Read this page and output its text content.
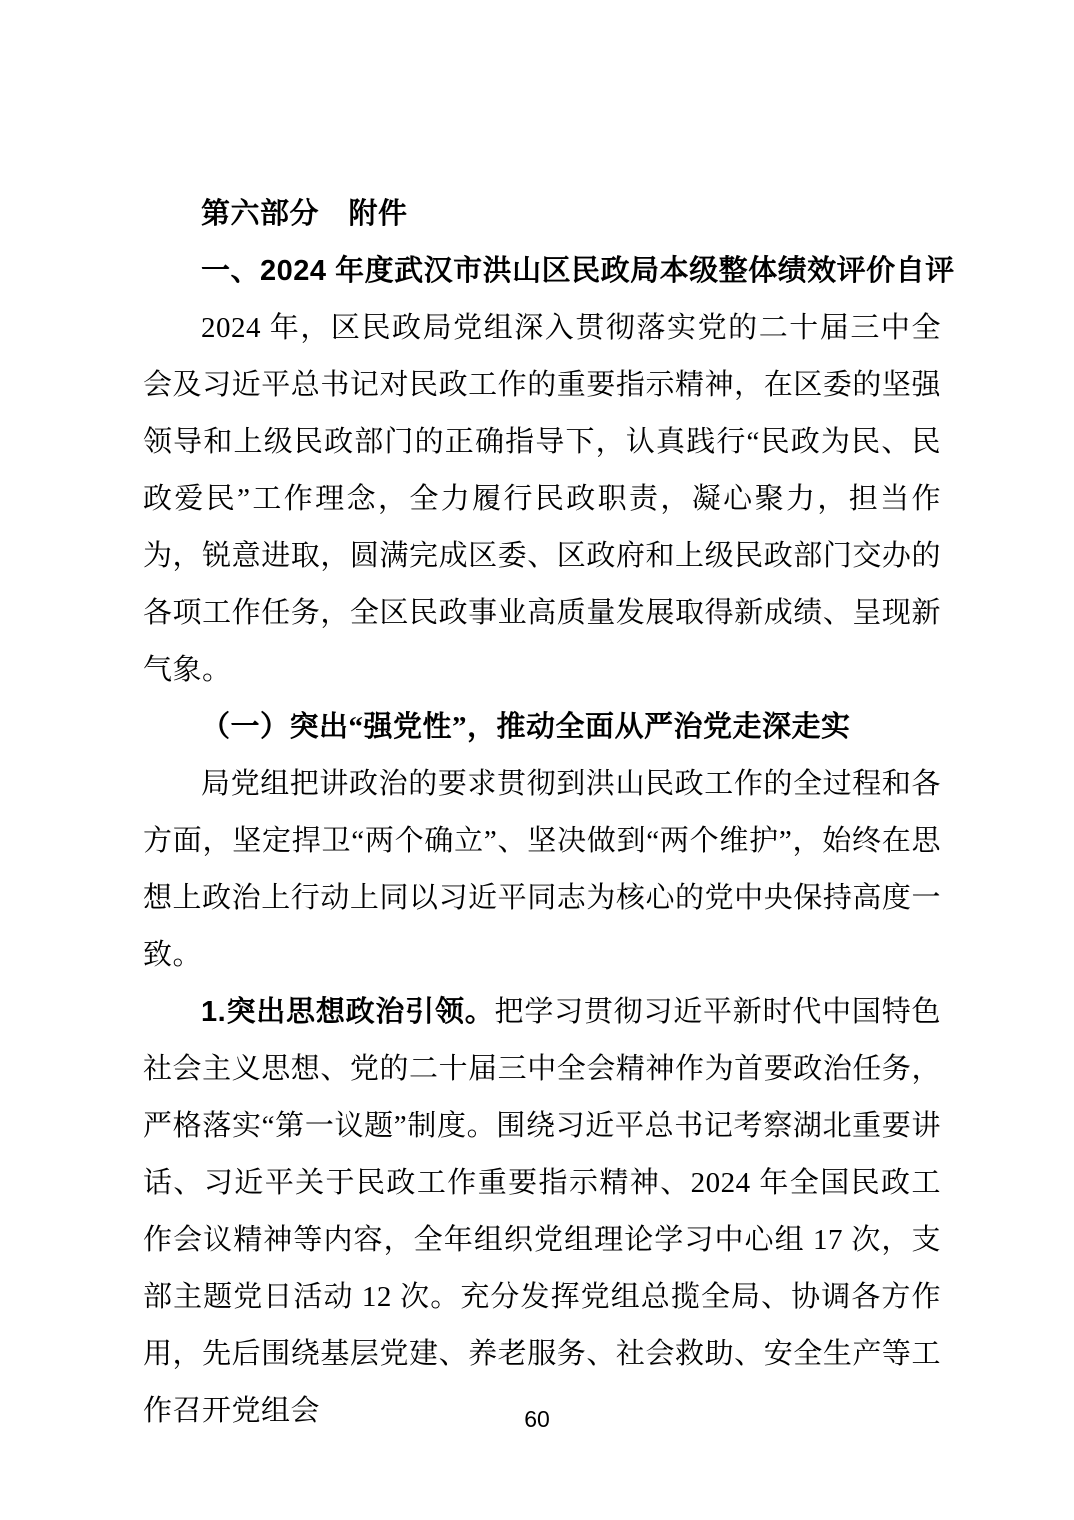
第六部分　附件

一、2024 年度武汉市洪山区民政局本级整体绩效评价自评

2024 年，区民政局党组深入贯彻落实党的二十届三中全会及习近平总书记对民政工作的重要指示精神，在区委的坚强领导和上级民政部门的正确指导下，认真践行“民政为民、民政爱民”工作理念，全力履行民政职责，凝心聚力，担当作为，锐意进取，圆满完成区委、区政府和上级民政部门交办的各项工作任务，全区民政事业高质量发展取得新成绩、呈现新气象。

（一）突出“强党性”，推动全面从严治党走深走实

局党组把讲政治的要求贯彻到洪山民政工作的全过程和各方面，坚定捍卫“两个确立”、坚决做到“两个维护”，始终在思想上政治上行动上同以习近平同志为核心的党中央保持高度一致。

1.突出思想政治引领。把学习贯彻习近平新时代中国特色社会主义思想、党的二十届三中全会精神作为首要政治任务，严格落实“第一议题”制度。围绕习近平总书记考察湖北重要讲话、习近平关于民政工作重要指示精神、2024 年全国民政工作会议精神等内容，全年组织党组理论学习中心组 17 次，支部主题党日活动 12 次。充分发挥党组总揽全局、协调各方作用，先后围绕基层党建、养老服务、社会救助、安全生产等工作召开党组会	60
